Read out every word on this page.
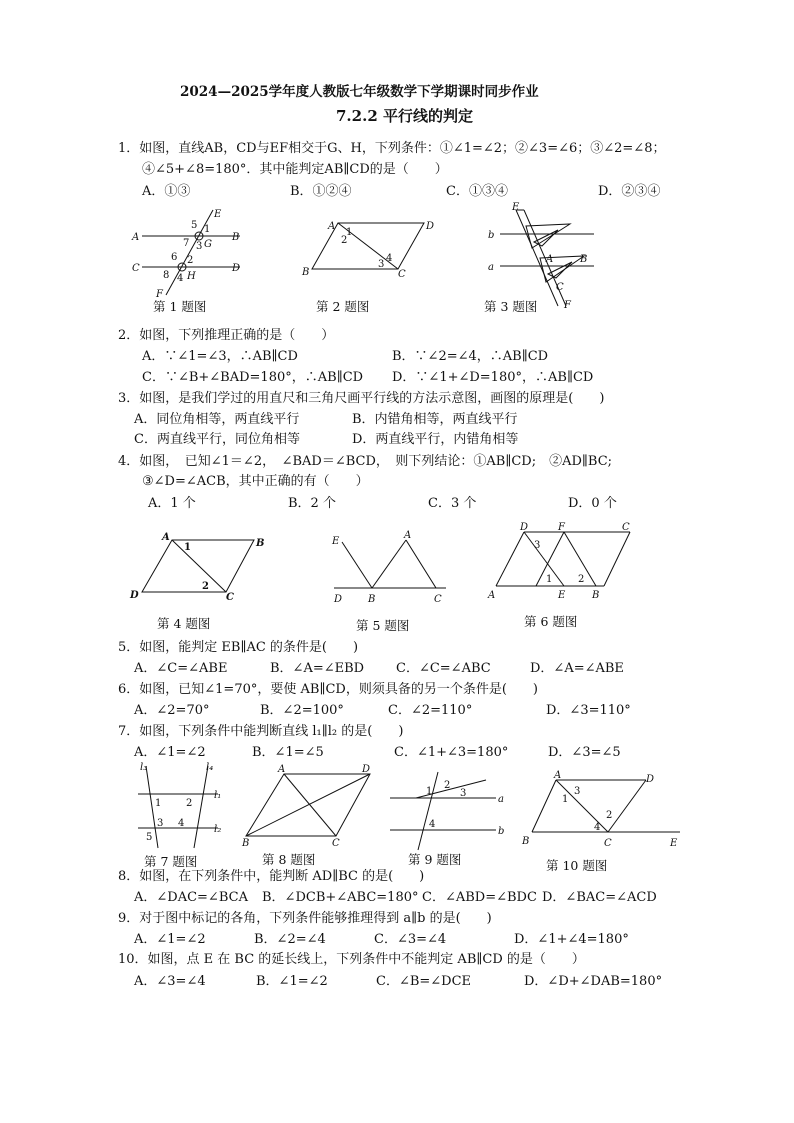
2024—2025学年度人教版七年级数学下学期课时同步作业
7.2.2 平行线的判定
1．如图，直线AB，CD与EF相交于G、H，下列条件：①∠1=∠2；②∠3=∠6；③∠2=∠8；
④∠5+∠8=180°．其中能判定AB∥CD的是（　　）
A．①③	B．①②④	C．①③④	D．②③④
A	B
C	D
E
F
G
H
5 1
7 3
6 2
8 4
第 1 题图
A	D
B	C
1
2
3
4
第 2 题图
E
b
a
A	B
C
F
第 3 题图
2．如图，下列推理正确的是（　　）
A．∵∠1=∠3，∴AB∥CD	B．∵∠2=∠4，∴AB∥CD
C．∵∠B+∠BAD=180°，∴AB∥CD D．∵∠1+∠D=180°，∴AB∥CD
3．如图，是我们学过的用直尺和三角尺画平行线的方法示意图，画图的原理是(　　)
A．同位角相等，两直线平行	B．内错角相等，两直线平行
C．两直线平行，同位角相等	D．两直线平行，内错角相等
4．如图，　已知∠1＝∠2，　∠BAD＝∠BCD，　则下列结论：①AB∥CD;　②AD∥BC;
③∠D=∠ACB，其中正确的有（　　）
A．1 个	B．2 个	C．3 个	D．0 个
A
B
D	C
1
2
第 4 题图
E
A
D	B	C
第 5 题图
D	F	C
A	E	B
3
1	2
第 6 题图
5．如图，能判定 EB∥AC 的条件是(　　)
A．∠C=∠ABE	B．∠A=∠EBD C．∠C=∠ABC	D．∠A=∠ABE
6．如图，已知∠1=70°，要使 AB∥CD，则须具备的另一个条件是(　　)
A．∠2=70°	B．∠2=100°	C．∠2=110°	D．∠3=110°
7．如图，下列条件中能判断直线 l₁∥l₂ 的是(　　)
A．∠1=∠2	B．∠1=∠5	C．∠1+∠3=180°	D．∠3=∠5
l₃	l₄
l₁
l₂
1 2
3 4
5
第 7 题图
A	D
B	C
第 8 题图
a
b
1
2
3
4
第 9 题图
A	D
B	C	E
1
2
3
4
第 10 题图
8．如图，在下列条件中，能判断 AD∥BC 的是(　　)
A．∠DAC=∠BCA B．∠DCB+∠ABC=180° C．∠ABD=∠BDC D．∠BAC=∠ACD
9．对于图中标记的各角，下列条件能够推理得到 a∥b 的是(　　)
A．∠1=∠2	B．∠2=∠4	C．∠3=∠4	D．∠1+∠4=180°
10．如图，点 E 在 BC 的延长线上，下列条件中不能判定 AB∥CD 的是（　　）
A．∠3=∠4	B．∠1=∠2	C．∠B=∠DCE	D．∠D+∠DAB=180°
